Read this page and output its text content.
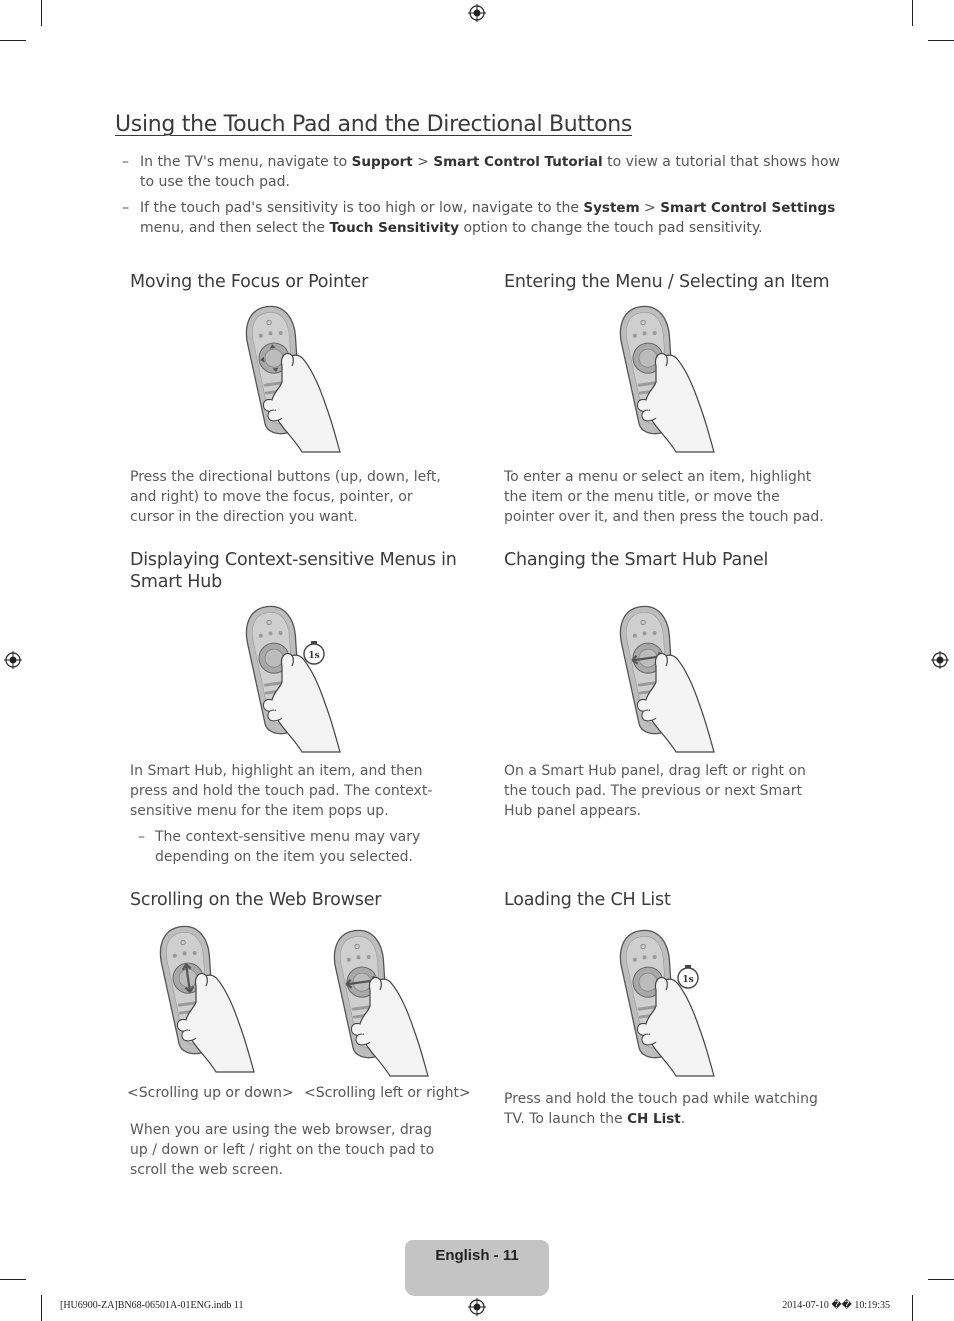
Using the Touch Pad and the Directional Buttons
– In the TV's menu, navigate to Support > Smart Control Tutorial to view a tutorial that shows how to use the touch pad.
– If the touch pad's sensitivity is too high or low, navigate to the System > Smart Control Settings menu, and then select the Touch Sensitivity option to change the touch pad sensitivity.
Moving the Focus or Pointer
Press the directional buttons (up, down, left, and right) to move the focus, pointer, or cursor in the direction you want.
Entering the Menu / Selecting an Item
To enter a menu or select an item, highlight the item or the menu title, or move the pointer over it, and then press the touch pad.
Displaying Context-sensitive Menus in Smart Hub
1s
In Smart Hub, highlight an item, and then press and hold the touch pad. The context-sensitive menu for the item pops up.
– The context-sensitive menu may vary depending on the item you selected.
Changing the Smart Hub Panel
On a Smart Hub panel, drag left or right on the touch pad. The previous or next Smart Hub panel appears.
Scrolling on the Web Browser
<Scrolling up or down> <Scrolling left or right>
When you are using the web browser, drag up / down or left / right on the touch pad to scroll the web screen.
Loading the CH List
1s
Press and hold the touch pad while watching TV. To launch the CH List.
English - 11
[HU6900-ZA]BN68-06501A-01ENG.indb 11	2014-07-10 �� 10:19:35
